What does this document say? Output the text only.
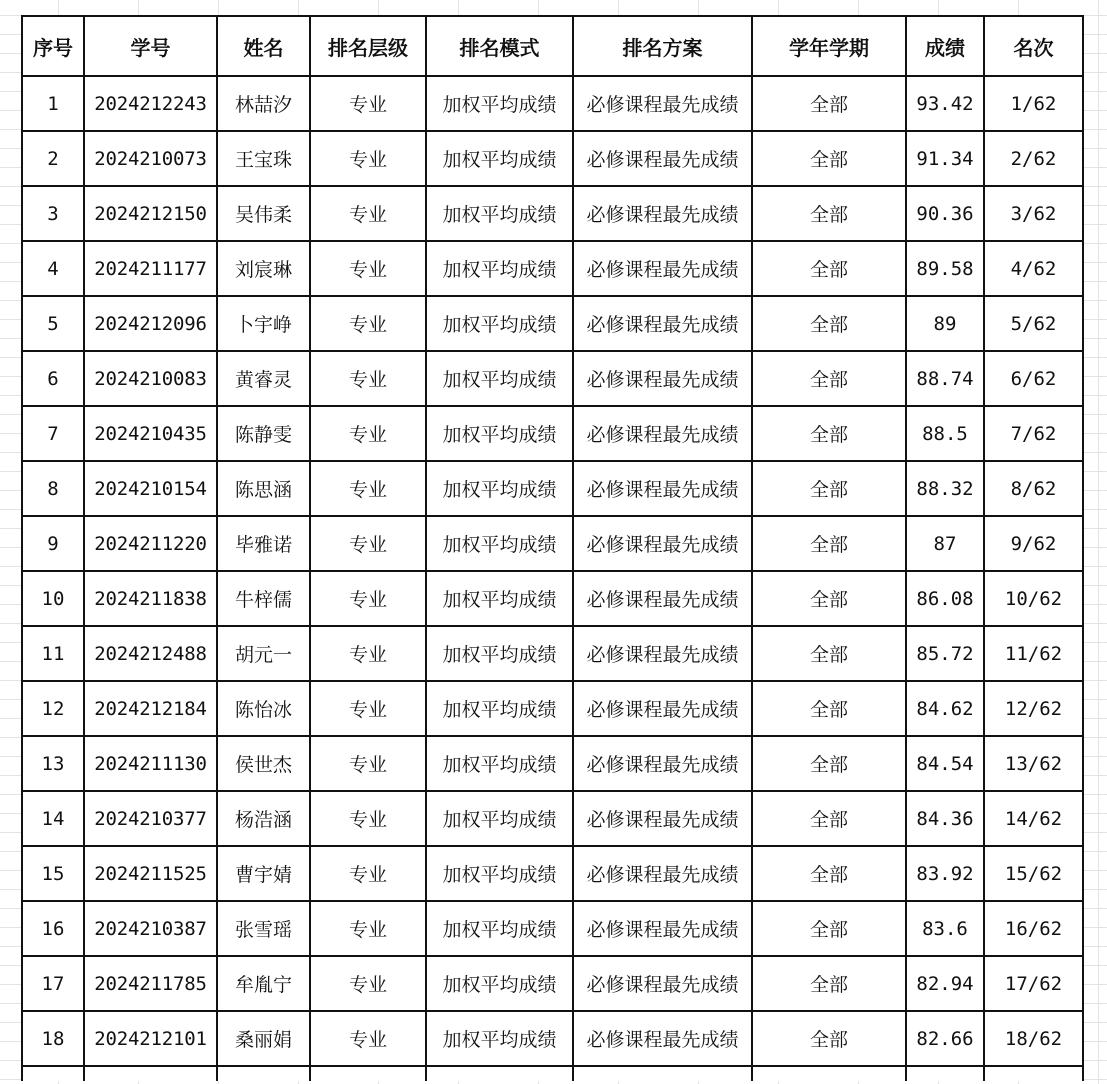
序号	学号	姓名	排名层级	排名模式	排名方案	学年学期	成绩	名次
1	2024212243	林喆汐	专业	加权平均成绩	必修课程最先成绩	全部	93.42	1/62
2	2024210073	王宝珠	专业	加权平均成绩	必修课程最先成绩	全部	91.34	2/62
3	2024212150	吴伟柔	专业	加权平均成绩	必修课程最先成绩	全部	90.36	3/62
4	2024211177	刘宸琳	专业	加权平均成绩	必修课程最先成绩	全部	89.58	4/62
5	2024212096	卜宇峥	专业	加权平均成绩	必修课程最先成绩	全部	89	5/62
6	2024210083	黄睿灵	专业	加权平均成绩	必修课程最先成绩	全部	88.74	6/62
7	2024210435	陈静雯	专业	加权平均成绩	必修课程最先成绩	全部	88.5	7/62
8	2024210154	陈思涵	专业	加权平均成绩	必修课程最先成绩	全部	88.32	8/62
9	2024211220	毕雅诺	专业	加权平均成绩	必修课程最先成绩	全部	87	9/62
10	2024211838	牛梓儒	专业	加权平均成绩	必修课程最先成绩	全部	86.08	10/62
11	2024212488	胡元一	专业	加权平均成绩	必修课程最先成绩	全部	85.72	11/62
12	2024212184	陈怡冰	专业	加权平均成绩	必修课程最先成绩	全部	84.62	12/62
13	2024211130	侯世杰	专业	加权平均成绩	必修课程最先成绩	全部	84.54	13/62
14	2024210377	杨浩涵	专业	加权平均成绩	必修课程最先成绩	全部	84.36	14/62
15	2024211525	曹宇婧	专业	加权平均成绩	必修课程最先成绩	全部	83.92	15/62
16	2024210387	张雪瑶	专业	加权平均成绩	必修课程最先成绩	全部	83.6	16/62
17	2024211785	牟胤宁	专业	加权平均成绩	必修课程最先成绩	全部	82.94	17/62
18	2024212101	桑丽娟	专业	加权平均成绩	必修课程最先成绩	全部	82.66	18/62
